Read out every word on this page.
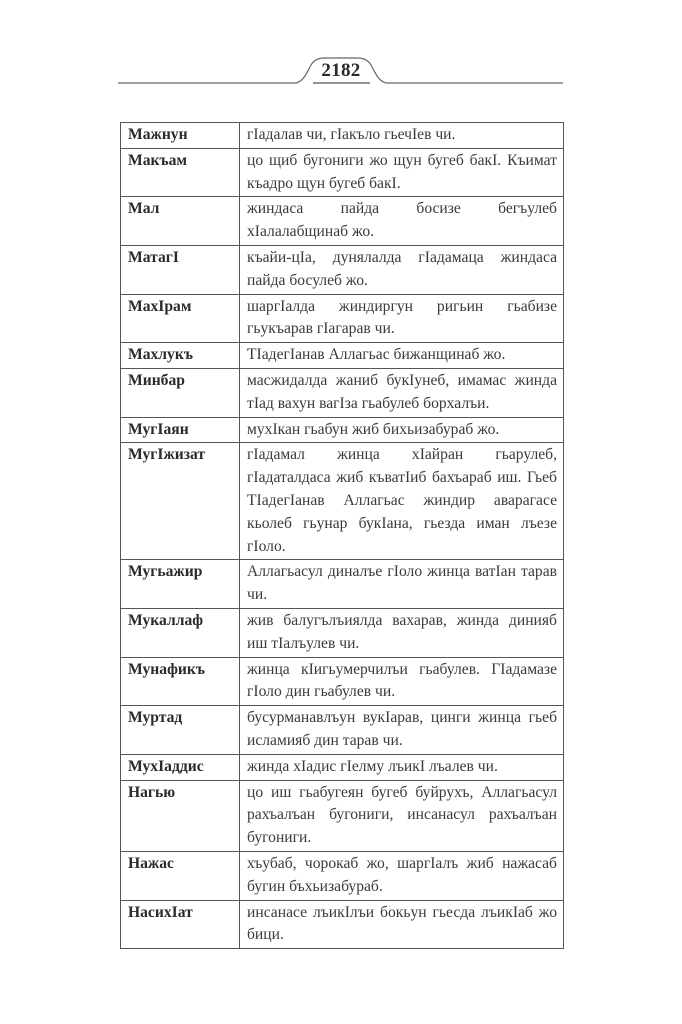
2182
Мажнун	гIадалав чи, гIакъло гьечIев чи.
Макъам	цо щиб бугониги жо щун бугеб бакI. Къимат къадро щун бугеб бакI.
Мал	жиндаса пайда босизе бегъулеб хIалалабщинаб жо.
МатагI	къайи-цIа, дунялалда гIадамаца жиндаса пайда босулеб жо.
МахIрам	шаргIалда жиндиргун ригьин гьабизе гьукъарав гIагарав чи.
Махлукъ	ТIадегIанав Аллагьас бижанщинаб жо.
Минбар	масжидалда жаниб букIунеб, имамас жинда тIад вахун вагIза гьабулеб борхалъи.
МугIаян	мухIкан гьабун жиб бихьизабураб жо.
МугIжизат	гIадамал жинца хIайран гьарулеб, гIадаталдаса жиб къватIиб бахъараб иш. Гьеб ТIадегIанав Аллагьас жиндир аварагасе кьолеб гьунар букIана, гьезда иман лъезе гIоло.
Мугьажир	Аллагьасул диналъе гIоло жинца ватIан тарав чи.
Мукаллаф	жив балугълъиялда вахарав, жинда динияб иш тIалъулев чи.
Мунафикъ	жинца кIигьумерчилъи гьабулев. ГIадамазе гIоло дин гьабулев чи.
Муртад	бусурманавлъун вукIарав, цинги жинца гьеб исламияб дин тарав чи.
МухIаддис	жинда хIадис гIелму лъикI лъалев чи.
Нагью	цо иш гьабугеян бугеб буйрухъ, Аллагьасул рахъалъан бугониги, инсанасул рахъалъан бугониги.
Нажас	хъубаб, чорокаб жо, шаргIалъ жиб нажасаб бугин бъхьизабураб.
НасихIат	инсанасе лъикIлъи бокьун гьесда лъикIаб жо бици.
